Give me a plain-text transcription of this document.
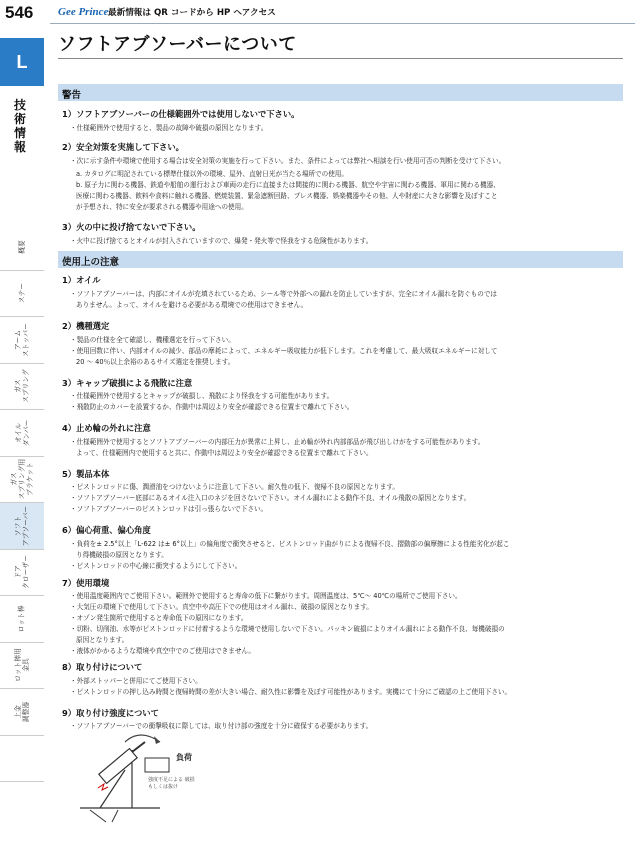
546	Gee Prince 最新情報は QR コードから HP へアクセス
L
技
術
情
報
概要
ステー
アーム
ストッパー
ガス
スプリング
オイル
ダンパー
ガス
スプリング用
ブラケット
ソフト
アブソーバー
ドア
クローザー
ロット棒
ロット棒用
金具
上金
調整器
ソフトアブソーバーについて
警告
1）ソフトアブソーバーの仕様範囲外では使用しないで下さい。
・仕様範囲外で使用すると、製品の故障や破損の原因となります。
2）安全対策を実施して下さい。
・次に示す条件や環境で使用する場合は安全対策の実施を行って下さい。また、条件によっては弊社へ相談を行い使用可否の判断を受けて下さい。
a. カタログに明記されている標準仕様以外の環境、屋外、直射日光が当たる場所での使用。
b. 原子力に関わる機器、鉄道や船舶の運行および車両の走行に直接または間接的に関わる機器、航空や宇宙に関わる機器、軍用に関わる機器、
医療に関わる機器、飲料や食料に触れる機器、燃焼装置、緊急遮断回路、プレス機器、娯楽機器やその他、人や財産に大きな影響を及ぼすこと
が予想され、特に安全が要求される機器や用途への使用。
3）火の中に投げ捨てないで下さい。
・火中に投げ捨てるとオイルが封入されていますので、爆発・発火等で怪我をする危険性があります。
使用上の注意
1）オイル
・ソフトアブソーバーは、内部にオイルが充填されているため、シール等で外部への漏れを防止していますが、完全にオイル漏れを防ぐものでは
ありません。よって、オイルを避ける必要がある環境での使用はできません。
2）機種選定
・製品の仕様を全て確認し、機種選定を行って下さい。
・使用回数に伴い、内部オイルの減少、部品の摩耗によって、エネルギー吸収能力が低下します。これを考慮して、最大吸収エネルギーに対して
20 〜 40％以上余裕のあるサイズ選定を推奨します。
3）キャップ破損による飛散に注意
・仕様範囲外で使用するとキャップが破損し、飛散により怪我をする可能性があります。
・飛散防止のカバーを設置するか、作動中は周辺より安全が確認できる位置まで離れて下さい。
4）止め輪の外れに注意
・仕様範囲外で使用するとソフトアブソーバーの内部圧力が異常に上昇し、止め輪が外れ内部部品が飛び出しけがをする可能性があります。
よって、仕様範囲内で使用すると共に、作動中は周辺より安全が確認できる位置まで離れて下さい。
5）製品本体
・ピストンロッドに傷、潤滑油をつけないように注意して下さい。耐久性の低下、復帰不良の原因となります。
・ソフトアブソーバー底部にあるオイル注入口のネジを回さないで下さい。オイル漏れによる動作不良、オイル飛散の原因となります。
・ソフトアブソーバーのピストンロッドは引っ張らないで下さい。
6）偏心荷重、偏心角度
・負荷を± 2.5°以上「L-622 は± 6°以上」の偏角度で衝突させると、ピストンロッド曲がりによる復帰不良、摺動部の偏摩擦による性能劣化が起こ
り得機破損の原因となります。
・ピストンロッドの中心線に衝突するようにして下さい。
7）使用環境
・使用温度範囲内でご使用下さい。範囲外で使用すると寿命の低下に繋がります。周囲温度は、5℃〜 40℃の場所でご使用下さい。
・大気圧の環境下で使用して下さい。真空中や高圧下での使用はオイル漏れ、破損の原因となります。
・オゾン発生箇所で使用すると寿命低下の原因になります。
・切粉、切削油、水等がピストンロッドに付着するような環境で使用しないで下さい。パッキン破損によりオイル漏れによる動作不良、毎機破損の
原因となります。
・液体がかかるような環境や真空中でのご使用はできません。
8）取り付けについて
・外部ストッパーと併用にてご使用下さい。
・ピストンロッドの押し込み時間と復帰時間の差が大きい場合、耐久性に影響を及ぼす可能性があります。実機にて十分にご確認の上ご使用下さい。
9）取り付け強度について
・ソフトアブソーバーでの衝撃吸収に際しては、取り付け部の強度を十分に確保する必要があります。
負荷
強度不足による 破損
もしくは抜け
